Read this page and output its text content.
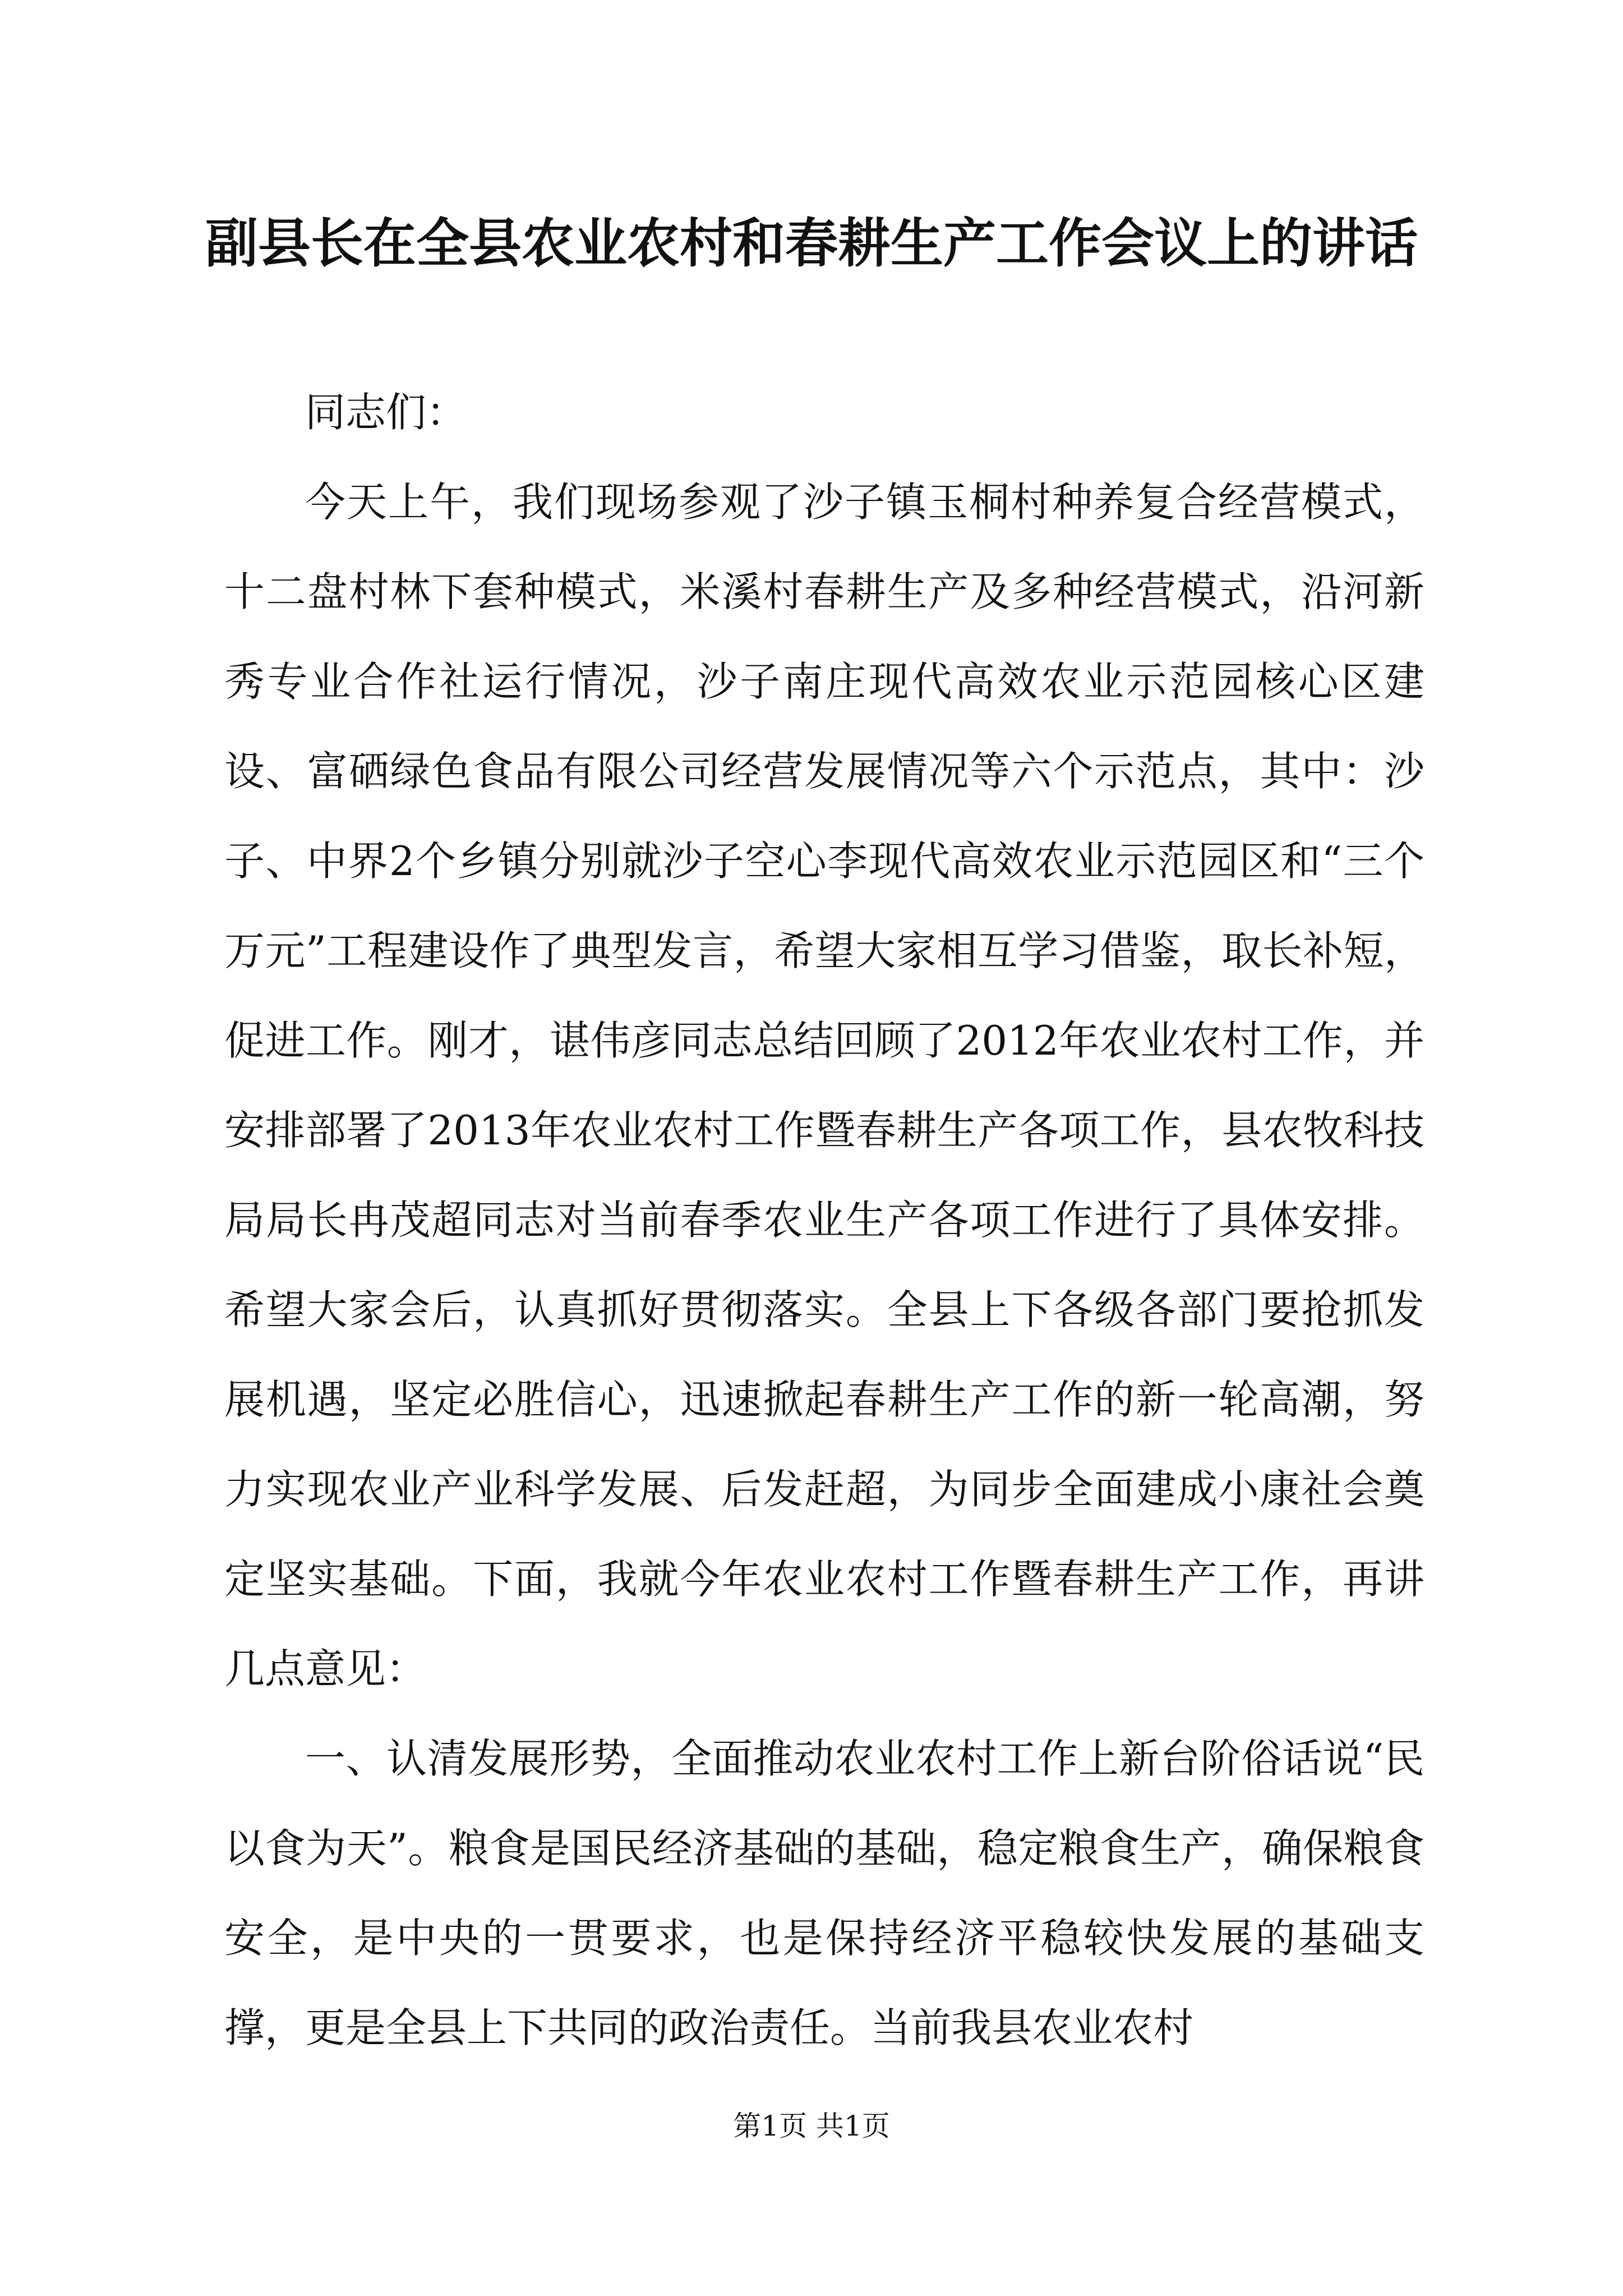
副县长在全县农业农村和春耕生产工作会议上的讲话

同志们：

今天上午，我们现场参观了沙子镇玉桐村种养复合经营模式，十二盘村林下套种模式，米溪村春耕生产及多种经营模式，沿河新秀专业合作社运行情况，沙子南庄现代高效农业示范园核心区建设、富硒绿色食品有限公司经营发展情况等六个示范点，其中：沙子、中界2个乡镇分别就沙子空心李现代高效农业示范园区和“三个万元”工程建设作了典型发言，希望大家相互学习借鉴，取长补短，促进工作。刚才，谌伟彦同志总结回顾了2012年农业农村工作，并安排部署了2013年农业农村工作暨春耕生产各项工作，县农牧科技局局长冉茂超同志对当前春季农业生产各项工作进行了具体安排。希望大家会后，认真抓好贯彻落实。全县上下各级各部门要抢抓发展机遇，坚定必胜信心，迅速掀起春耕生产工作的新一轮高潮，努力实现农业产业科学发展、后发赶超，为同步全面建成小康社会奠定坚实基础。下面，我就今年农业农村工作暨春耕生产工作，再讲几点意见：

一、认清发展形势，全面推动农业农村工作上新台阶俗话说“民以食为天”。粮食是国民经济基础的基础，稳定粮食生产，确保粮食安全，是中央的一贯要求，也是保持经济平稳较快发展的基础支撑，更是全县上下共同的政治责任。当前我县农业农村

第1页 共1页
